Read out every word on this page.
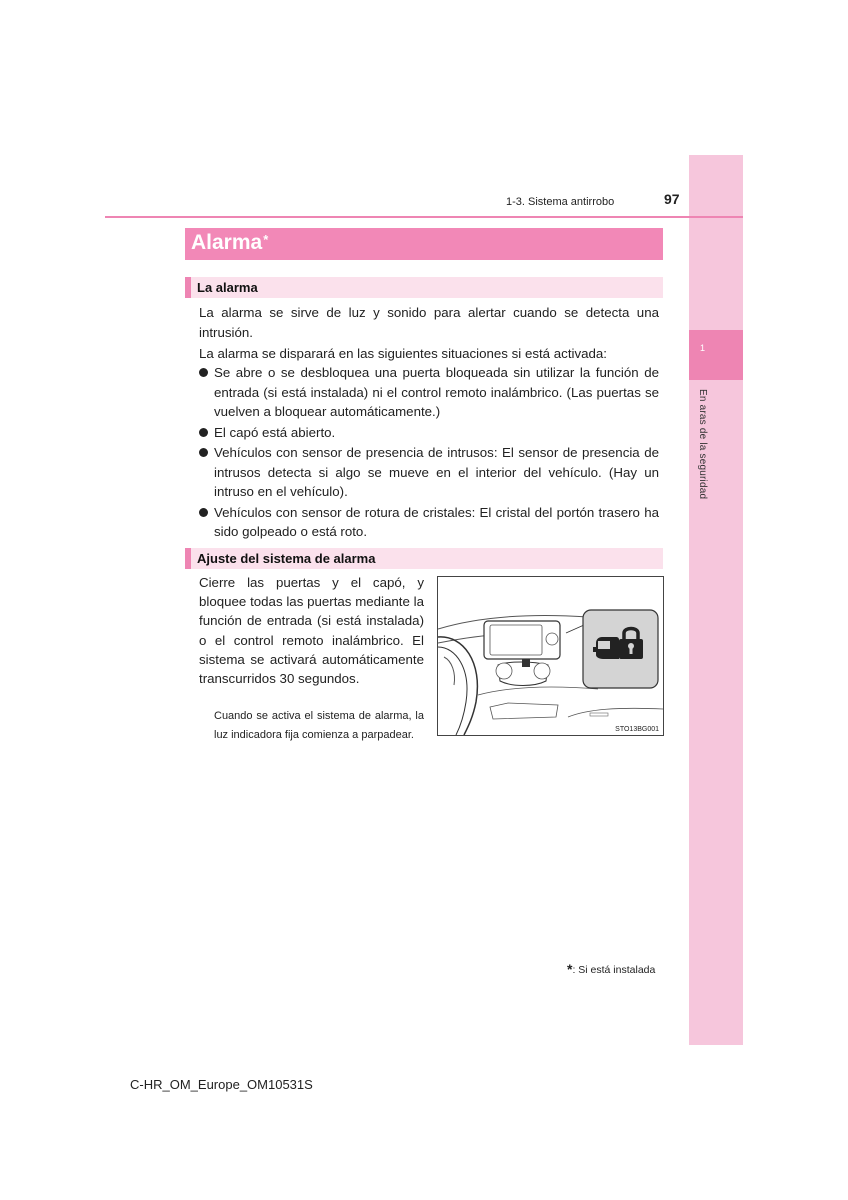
1
En aras de la seguridad
1-3. Sistema antirrobo	97
Alarma*
La alarma

La alarma se sirve de luz y sonido para alertar cuando se detecta una intrusión.

La alarma se disparará en las siguientes situaciones si está activada:

Se abre o se desbloquea una puerta bloqueada sin utilizar la función de entrada (si está instalada) ni el control remoto inalámbrico. (Las puertas se vuelven a bloquear automáticamente.)
El capó está abierto.
Vehículos con sensor de presencia de intrusos: El sensor de presencia de intrusos detecta si algo se mueve en el interior del vehículo. (Hay un intruso en el vehículo).
Vehículos con sensor de rotura de cristales: El cristal del portón trasero ha sido golpeado o está roto.
Ajuste del sistema de alarma

Cierre las puertas y el capó, y bloquee todas las puertas mediante la función de entrada (si está instalada) o el control remoto inalámbrico. El sistema se activará automáticamente transcurridos 30 segundos.

Cuando se activa el sistema de alarma, la luz indicadora fija comienza a parpadear.	STO13BG001
*: Si está instalada
C-HR_OM_Europe_OM10531S
